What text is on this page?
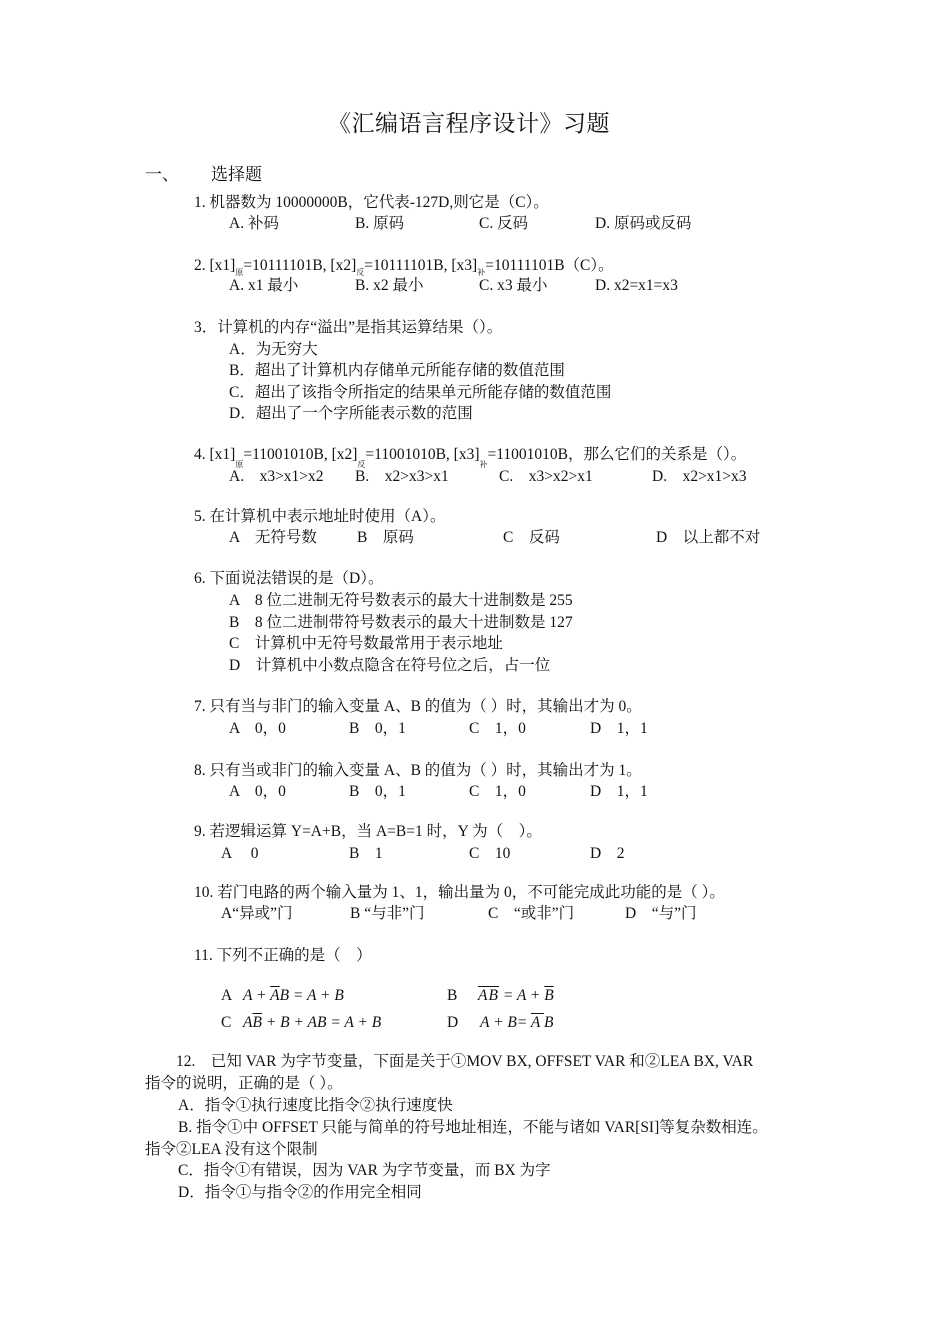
《汇编语言程序设计》习题
一、 选择题
1. 机器数为 10000000B，它代表-127D,则它是（C）。
A. 补码	B. 原码	C. 反码	D. 原码或反码
2. $[x1]_原=10111101B$, $[x2]_反=10111101B$, $[x3]_补=10111101B(C)$。
A. x1 最小	B. x2 最小	C. x3 最小	D. x2=x1=x3
3．计算机的内存“溢出”是指其运算结果（）。
A．为无穷大
B．超出了计算机内存储单元所能存储的数值范围
C．超出了该指令所指定的结果单元所能存储的数值范围
D．超出了一个字所能表示数的范围
4. $[x1]_原=11001010B$, $[x2]_反=11001010B$, $[x3]_补=11001010B$，那么它们的关系是（）。
A.　x3>x1>x2 B.　x2>x3>x1	C.　x3>x2>x1	D.　x2>x1>x3
5. 在计算机中表示地址时使用（A）。
A　无符号数	B　原码	C　反码	D　以上都不对
6. 下面说法错误的是（D）。
A　8 位二进制无符号数表示的最大十进制数是 255
B　8 位二进制带符号数表示的最大十进制数是 127
C　计算机中无符号数最常用于表示地址
D　计算机中小数点隐含在符号位之后，占一位
7. 只有当与非门的输入变量 A、B 的值为（ ）时，其输出才为 0。
A　0，0	B　0，1	C　1，0	D　1，1
8. 只有当或非门的输入变量 A、B 的值为（ ）时，其输出才为 1。
A　0，0	B　0，1	C　1，0	D　1，1
9. 若逻辑运算 Y=A+B，当 A=B=1 时，Y 为（　）。
A　 0	B　1	C　10	D　2
10. 若门电路的两个输入量为 1、1，输出量为 0，不可能完成此功能的是（ ）。
A“异或”门	B “与非”门	C　“或非”门	D　“与”门
11. 下列不正确的是（　）
A $A + \overline{A}B = A + B$	B $\overline{AB} = A + \overline{B}$
C $A\overline{B} + B$ + AB = A + B	D $A + B= \overline{A}$ B
12.　已知 VAR 为字节变量，下面是关于①MOV BX, OFFSET VAR 和②LEA BX, VAR
指令的说明，正确的是（ ）。
A．指令①执行速度比指令②执行速度快
B. 指令①中 OFFSET 只能与简单的符号地址相连，不能与诸如 VAR[SI]等复杂数相连。
指令②LEA 没有这个限制
C．指令①有错误，因为 VAR 为字节变量，而 BX 为字
D．指令①与指令②的作用完全相同
